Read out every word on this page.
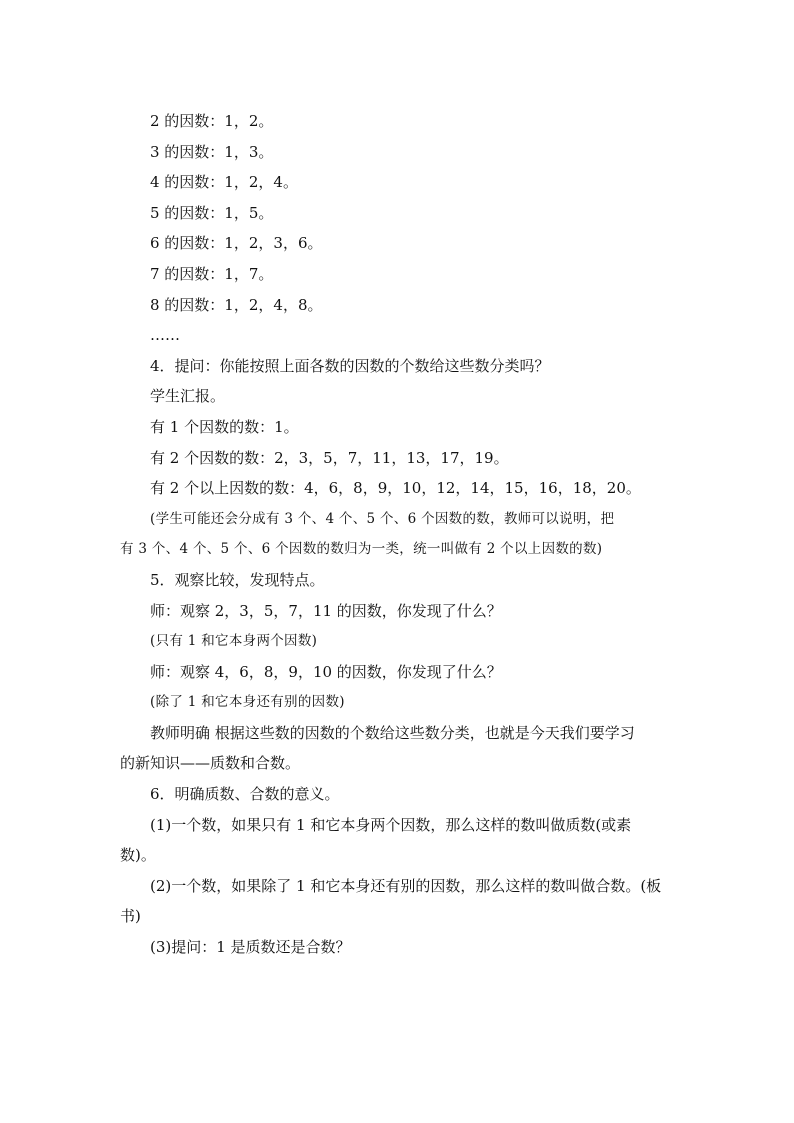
2 的因数：1，2。
3 的因数：1，3。
4 的因数：1，2，4。
5 的因数：1，5。
6 的因数：1，2，3，6。
7 的因数：1，7。
8 的因数：1，2，4，8。
……
4．提问：你能按照上面各数的因数的个数给这些数分类吗？
学生汇报。
有 1 个因数的数：1。
有 2 个因数的数：2，3，5，7，11，13，17，19。
有 2 个以上因数的数：4，6，8，9，10，12，14，15，16，18，20。
(学生可能还会分成有 3 个、4 个、5 个、6 个因数的数，教师可以说明，把
有 3 个、4 个、5 个、6 个因数的数归为一类，统一叫做有 2 个以上因数的数)
5．观察比较，发现特点。
师：观察 2，3，5，7，11 的因数，你发现了什么？
(只有 1 和它本身两个因数)
师：观察 4，6，8，9，10 的因数，你发现了什么？
(除了 1 和它本身还有别的因数)
教师明确 根据这些数的因数的个数给这些数分类，也就是今天我们要学习
的新知识——质数和合数。
6．明确质数、合数的意义。
(1)一个数，如果只有 1 和它本身两个因数，那么这样的数叫做质数(或素
数)。
(2)一个数，如果除了 1 和它本身还有别的因数，那么这样的数叫做合数。(板
书)
(3)提问：1 是质数还是合数？
